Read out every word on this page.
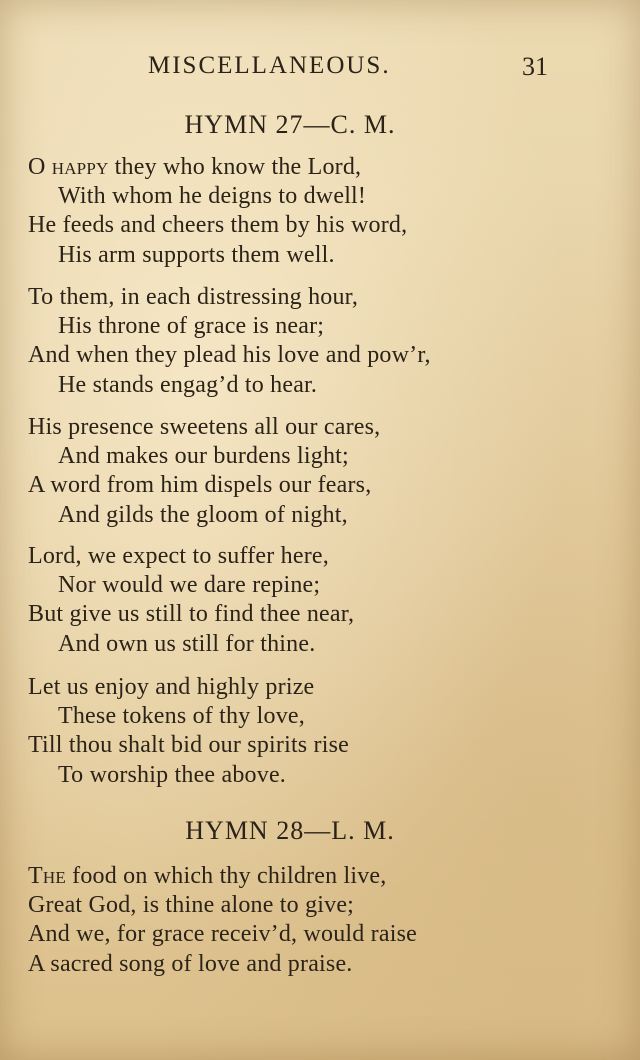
MISCELLANEOUS.	31
HYMN 27—C. M.
O happy they who know the Lord,
With whom he deigns to dwell!
He feeds and cheers them by his word,
His arm supports them well.
To them, in each distressing hour,
His throne of grace is near;
And when they plead his love and pow’r,
He stands engag’d to hear.
His presence sweetens all our cares,
And makes our burdens light;
A word from him dispels our fears,
And gilds the gloom of night,
Lord, we expect to suffer here,
Nor would we dare repine;
But give us still to find thee near,
And own us still for thine.
Let us enjoy and highly prize
These tokens of thy love,
Till thou shalt bid our spirits rise
To worship thee above.
HYMN 28—L. M.
The food on which thy children live,
Great God, is thine alone to give;
And we, for grace receiv’d, would raise
A sacred song of love and praise.
